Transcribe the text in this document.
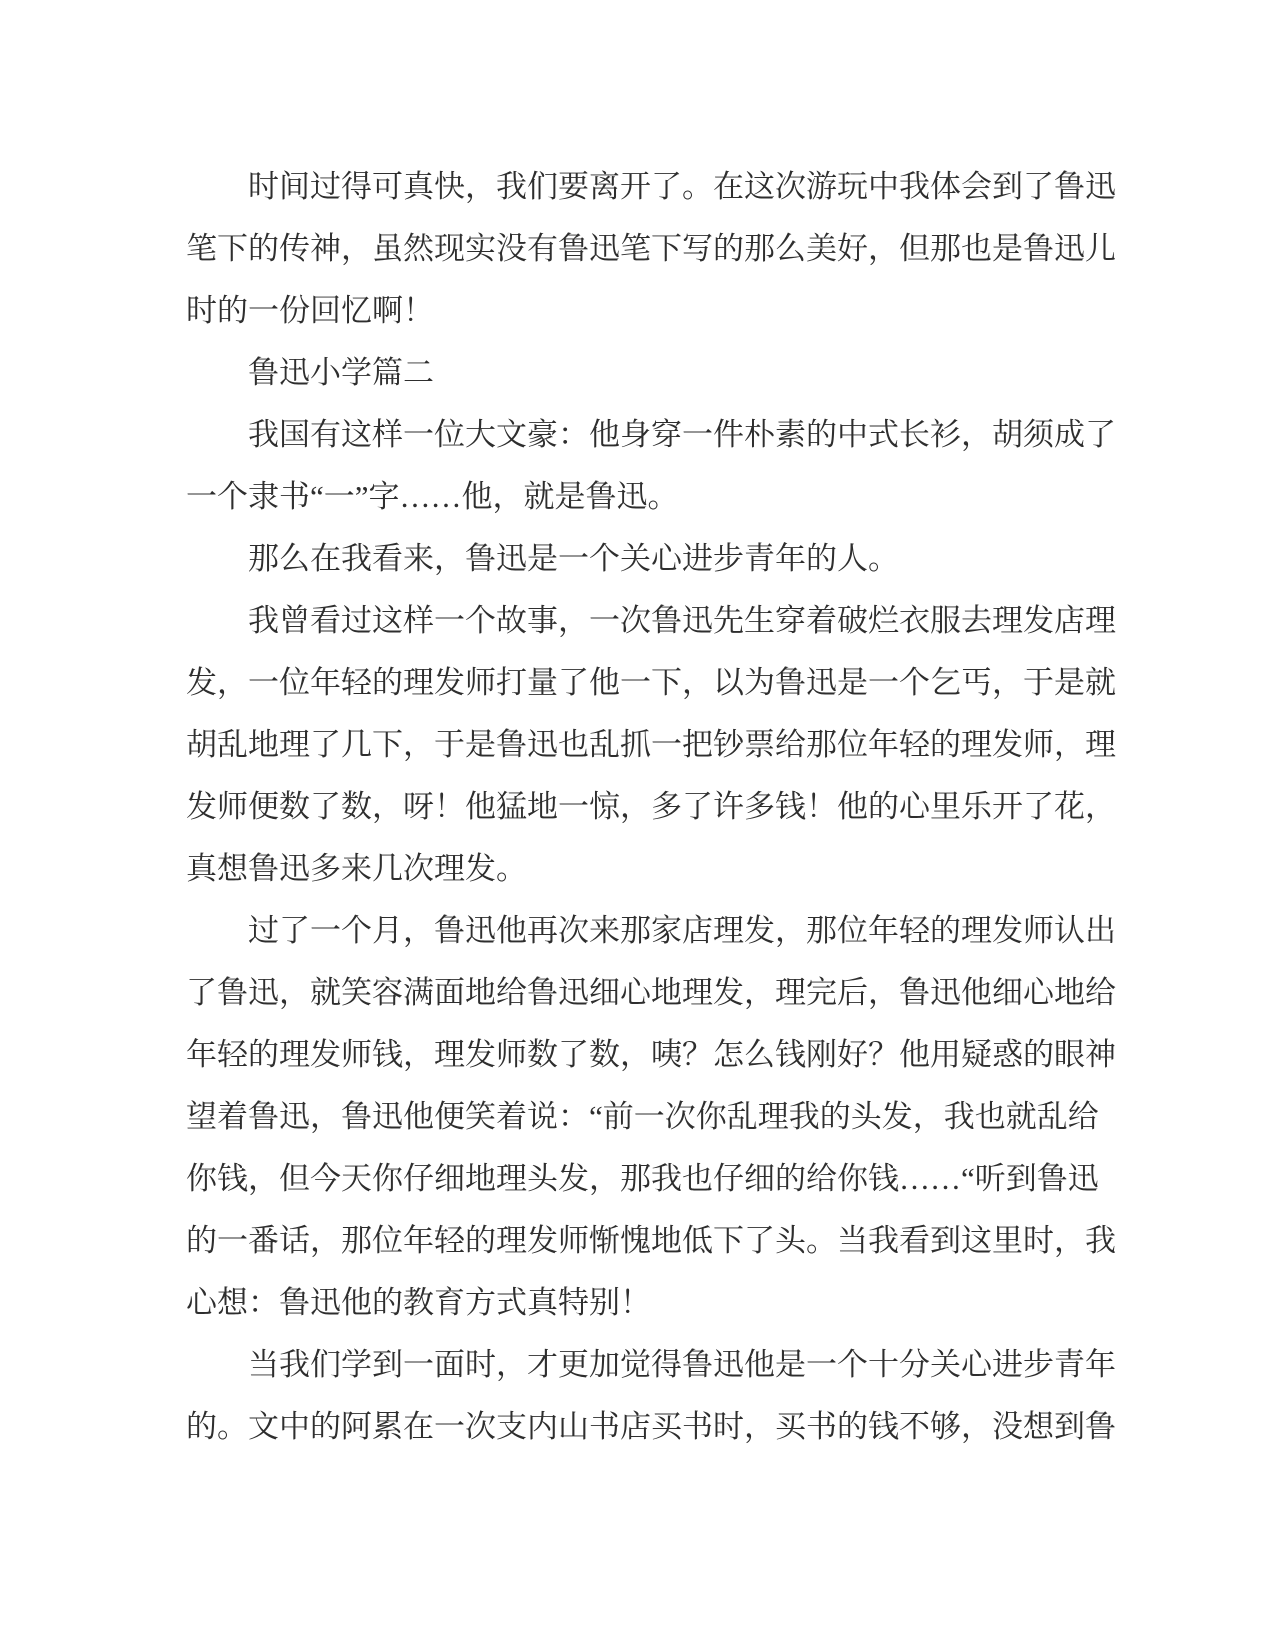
时间过得可真快，我们要离开了。在这次游玩中我体会到了鲁迅笔下的传神，虽然现实没有鲁迅笔下写的那么美好，但那也是鲁迅儿时的一份回忆啊！

鲁迅小学篇二

我国有这样一位大文豪：他身穿一件朴素的中式长衫，胡须成了一个隶书“一”字……他，就是鲁迅。

那么在我看来，鲁迅是一个关心进步青年的人。

我曾看过这样一个故事，一次鲁迅先生穿着破烂衣服去理发店理发，一位年轻的理发师打量了他一下，以为鲁迅是一个乞丐，于是就胡乱地理了几下，于是鲁迅也乱抓一把钞票给那位年轻的理发师，理发师便数了数，呀！他猛地一惊，多了许多钱！他的心里乐开了花，真想鲁迅多来几次理发。

过了一个月，鲁迅他再次来那家店理发，那位年轻的理发师认出了鲁迅，就笑容满面地给鲁迅细心地理发，理完后，鲁迅他细心地给年轻的理发师钱，理发师数了数，咦？怎么钱刚好？他用疑惑的眼神望着鲁迅，鲁迅他便笑着说：“前一次你乱理我的头发，我也就乱给你钱，但今天你仔细地理头发，那我也仔细的给你钱……“听到鲁迅的一番话，那位年轻的理发师惭愧地低下了头。当我看到这里时，我心想：鲁迅他的教育方式真特别！

当我们学到一面时，才更加觉得鲁迅他是一个十分关心进步青年的。文中的阿累在一次支内山书店买书时，买书的钱不够，没想到鲁
